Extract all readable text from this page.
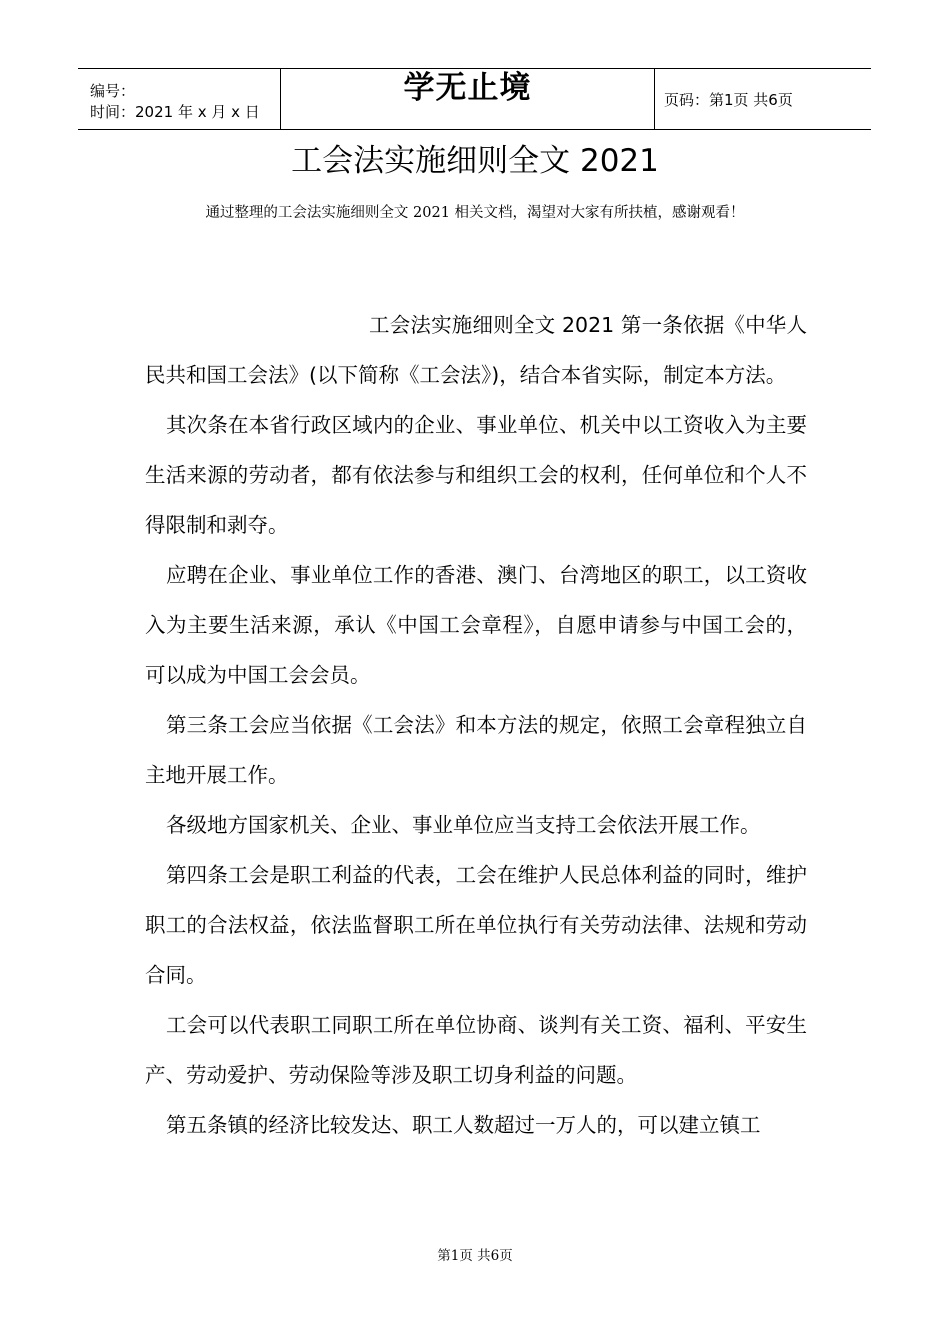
编号：
时间：2021 年 x 月 x 日
学无止境	页码：第1页 共6页
工会法实施细则全文 2021

通过整理的工会法实施细则全文 2021 相关文档，渴望对大家有所扶植，感谢观看！

工会法实施细则全文 2021 第一条依据《中华人民共和国工会法》(以下简称《工会法》)，结合本省实际，制定本方法。

其次条在本省行政区域内的企业、事业单位、机关中以工资收入为主要生活来源的劳动者，都有依法参与和组织工会的权利，任何单位和个人不得限制和剥夺。

应聘在企业、事业单位工作的香港、澳门、台湾地区的职工，以工资收入为主要生活来源，承认《中国工会章程》，自愿申请参与中国工会的，可以成为中国工会会员。

第三条工会应当依据《工会法》和本方法的规定，依照工会章程独立自主地开展工作。

各级地方国家机关、企业、事业单位应当支持工会依法开展工作。

第四条工会是职工利益的代表，工会在维护人民总体利益的同时，维护职工的合法权益，依法监督职工所在单位执行有关劳动法律、法规和劳动合同。

工会可以代表职工同职工所在单位协商、谈判有关工资、福利、平安生产、劳动爱护、劳动保险等涉及职工切身利益的问题。

第五条镇的经济比较发达、职工人数超过一万人的，可以建立镇工

第1页 共6页
